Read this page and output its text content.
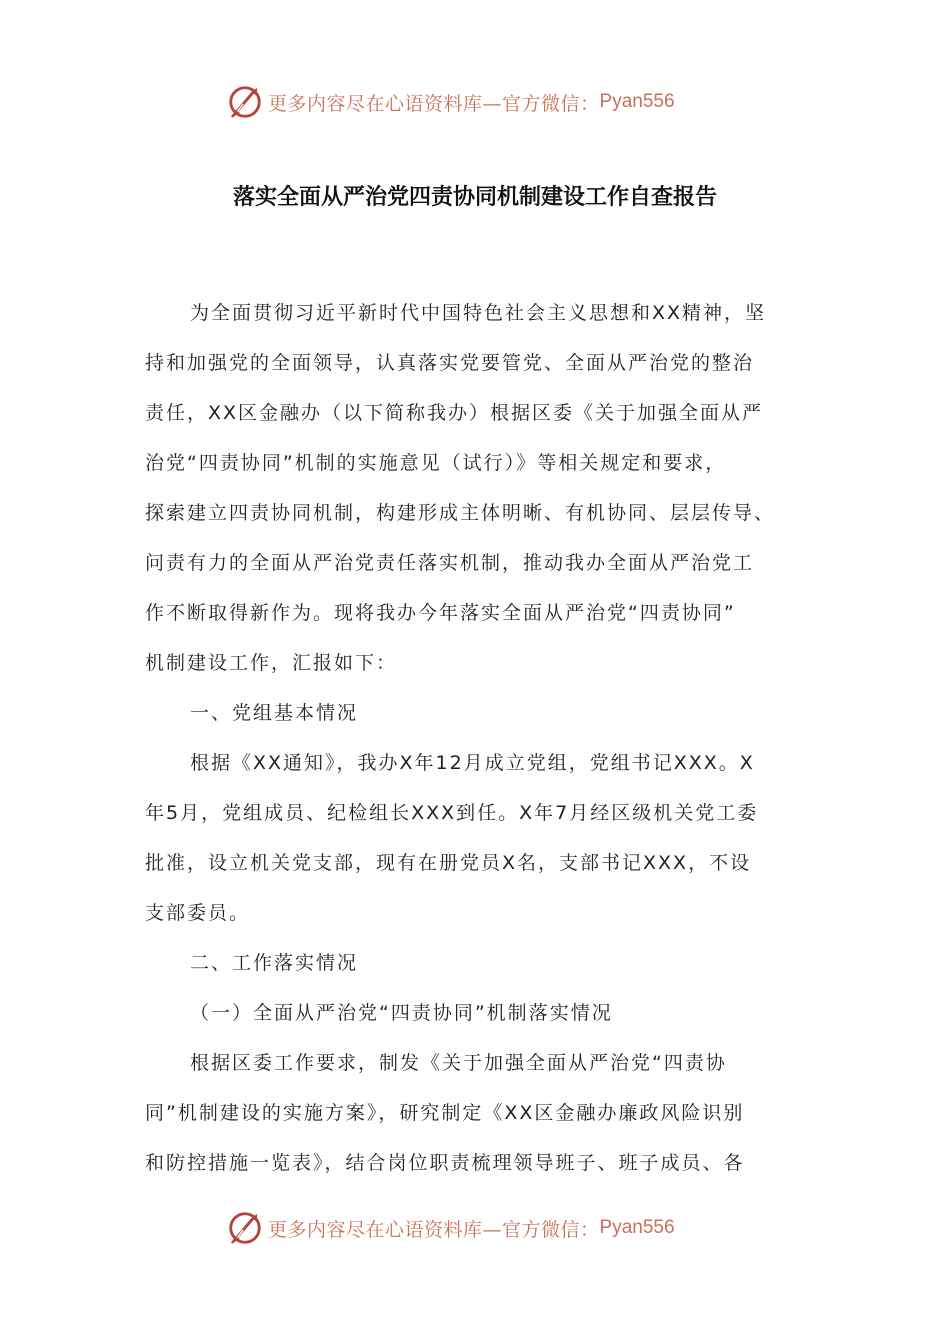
更多内容尽在心语资料库—官方微信： Pyan556
落实全面从严治党四责协同机制建设工作自查报告
为全面贯彻习近平新时代中国特色社会主义思想和XX精神，坚
持和加强党的全面领导，认真落实党要管党、全面从严治党的整治
责任，XX区金融办（以下简称我办）根据区委《关于加强全面从严
治党“四责协同”机制的实施意见（试行）》等相关规定和要求，
探索建立四责协同机制，构建形成主体明晰、有机协同、层层传导、
问责有力的全面从严治党责任落实机制，推动我办全面从严治党工
作不断取得新作为。现将我办今年落实全面从严治党“四责协同”
机制建设工作，汇报如下：
一、党组基本情况
根据《XX通知》，我办X年12月成立党组，党组书记XXX。X
年5月，党组成员、纪检组长XXX到任。X年7月经区级机关党工委
批准，设立机关党支部，现有在册党员X名，支部书记XXX，不设
支部委员。
二、工作落实情况
（一）全面从严治党“四责协同”机制落实情况
根据区委工作要求，制发《关于加强全面从严治党“四责协
同”机制建设的实施方案》，研究制定《XX区金融办廉政风险识别
和防控措施一览表》，结合岗位职责梳理领导班子、班子成员、各
更多内容尽在心语资料库—官方微信： Pyan556
